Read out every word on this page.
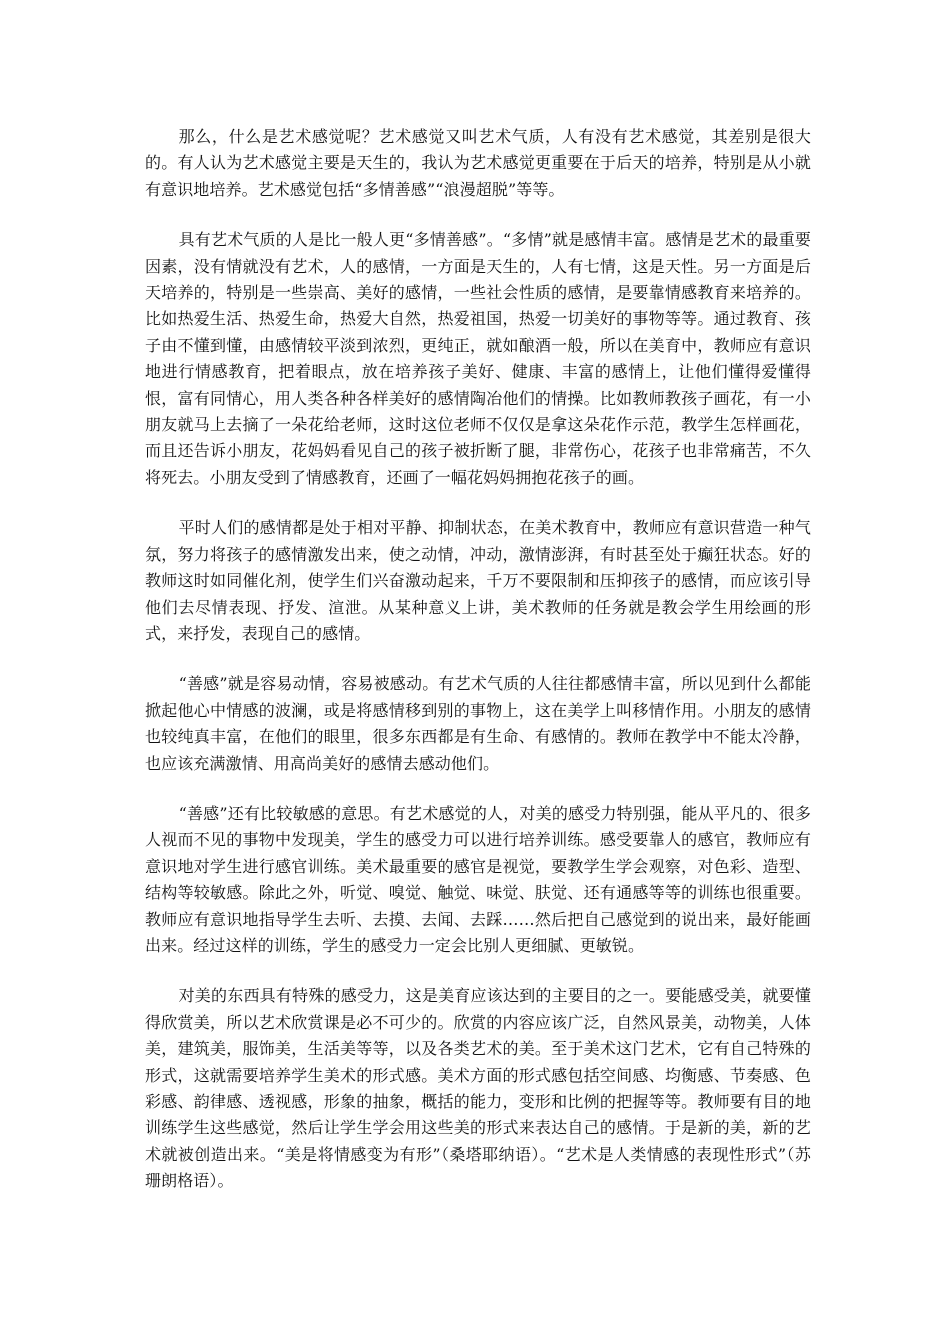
那么，什么是艺术感觉呢？艺术感觉又叫艺术气质，人有没有艺术感觉，其差别是很大的。有人认为艺术感觉主要是天生的，我认为艺术感觉更重要在于后天的培养，特别是从小就有意识地培养。艺术感觉包括“多情善感”“浪漫超脱”等等。

具有艺术气质的人是比一般人更“多情善感”。“多情”就是感情丰富。感情是艺术的最重要因素，没有情就没有艺术，人的感情，一方面是天生的，人有七情，这是天性。另一方面是后天培养的，特别是一些崇高、美好的感情，一些社会性质的感情，是要靠情感教育来培养的。比如热爱生活、热爱生命，热爱大自然，热爱祖国，热爱一切美好的事物等等。通过教育、孩子由不懂到懂，由感情较平淡到浓烈，更纯正，就如酿酒一般，所以在美育中，教师应有意识地进行情感教育，把着眼点，放在培养孩子美好、健康、丰富的感情上，让他们懂得爱懂得恨，富有同情心，用人类各种各样美好的感情陶冶他们的情操。比如教师教孩子画花，有一小朋友就马上去摘了一朵花给老师，这时这位老师不仅仅是拿这朵花作示范，教学生怎样画花，而且还告诉小朋友，花妈妈看见自己的孩子被折断了腿，非常伤心，花孩子也非常痛苦，不久将死去。小朋友受到了情感教育，还画了一幅花妈妈拥抱花孩子的画。

平时人们的感情都是处于相对平静、抑制状态，在美术教育中，教师应有意识营造一种气氛，努力将孩子的感情激发出来，使之动情，冲动，激情澎湃，有时甚至处于癫狂状态。好的教师这时如同催化剂，使学生们兴奋激动起来，千万不要限制和压抑孩子的感情，而应该引导他们去尽情表现、抒发、渲泄。从某种意义上讲，美术教师的任务就是教会学生用绘画的形式，来抒发，表现自己的感情。

“善感”就是容易动情，容易被感动。有艺术气质的人往往都感情丰富，所以见到什么都能掀起他心中情感的波澜，或是将感情移到别的事物上，这在美学上叫移情作用。小朋友的感情也较纯真丰富，在他们的眼里，很多东西都是有生命、有感情的。教师在教学中不能太冷静，也应该充满激情、用高尚美好的感情去感动他们。

“善感”还有比较敏感的意思。有艺术感觉的人，对美的感受力特别强，能从平凡的、很多人视而不见的事物中发现美，学生的感受力可以进行培养训练。感受要靠人的感官，教师应有意识地对学生进行感官训练。美术最重要的感官是视觉，要教学生学会观察，对色彩、造型、结构等较敏感。除此之外，听觉、嗅觉、触觉、味觉、肤觉、还有通感等等的训练也很重要。教师应有意识地指导学生去听、去摸、去闻、去踩……然后把自己感觉到的说出来，最好能画出来。经过这样的训练，学生的感受力一定会比别人更细腻、更敏锐。

对美的东西具有特殊的感受力，这是美育应该达到的主要目的之一。要能感受美，就要懂得欣赏美，所以艺术欣赏课是必不可少的。欣赏的内容应该广泛，自然风景美，动物美，人体美，建筑美，服饰美，生活美等等，以及各类艺术的美。至于美术这门艺术，它有自己特殊的形式，这就需要培养学生美术的形式感。美术方面的形式感包括空间感、均衡感、节奏感、色彩感、韵律感、透视感，形象的抽象，概括的能力，变形和比例的把握等等。教师要有目的地训练学生这些感觉，然后让学生学会用这些美的形式来表达自己的感情。于是新的美，新的艺术就被创造出来。“美是将情感变为有形”（桑塔耶纳语）。“艺术是人类情感的表现性形式”（苏珊朗格语）。
